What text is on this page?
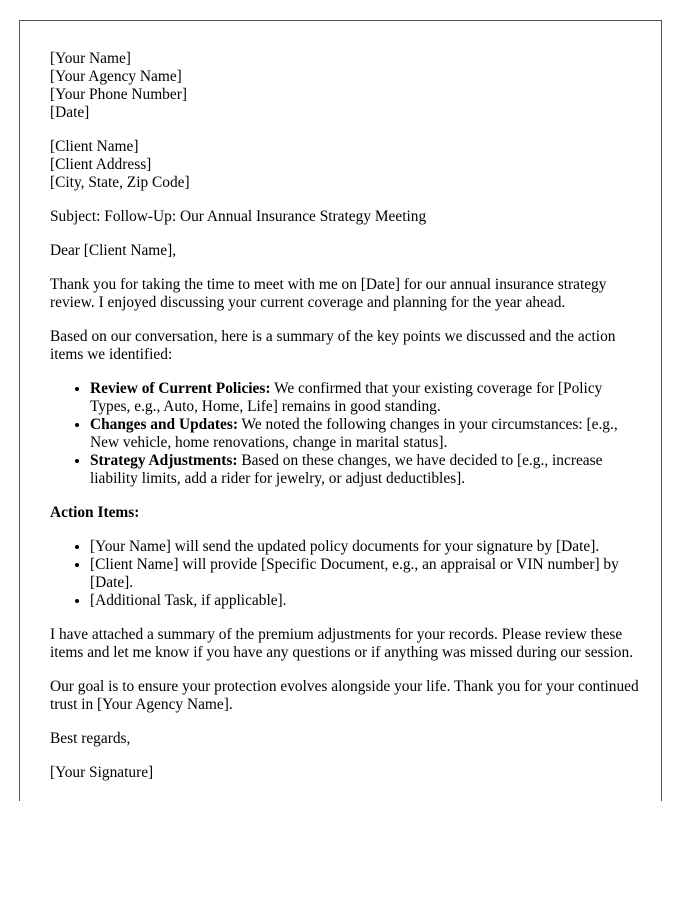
[Your Name]
[Your Agency Name]
[Your Phone Number]
[Date]
[Client Name]
[Client Address]
[City, State, Zip Code]

Subject: Follow-Up: Our Annual Insurance Strategy Meeting

Dear [Client Name],

Thank you for taking the time to meet with me on [Date] for our annual insurance strategy review. I enjoyed discussing your current coverage and planning for the year ahead.

Based on our conversation, here is a summary of the key points we discussed and the action items we identified:

• Review of Current Policies: We confirmed that your existing coverage for [Policy Types, e.g., Auto, Home, Life] remains in good standing.
• Changes and Updates: We noted the following changes in your circumstances: [e.g., New vehicle, home renovations, change in marital status].
• Strategy Adjustments: Based on these changes, we have decided to [e.g., increase liability limits, add a rider for jewelry, or adjust deductibles].
Action Items:
• [Your Name] will send the updated policy documents for your signature by [Date].
• [Client Name] will provide [Specific Document, e.g., an appraisal or VIN number] by [Date].
• [Additional Task, if applicable].

I have attached a summary of the premium adjustments for your records. Please review these items and let me know if you have any questions or if anything was missed during our session.

Our goal is to ensure your protection evolves alongside your life. Thank you for your continued trust in [Your Agency Name].

Best regards,

[Your Signature]
